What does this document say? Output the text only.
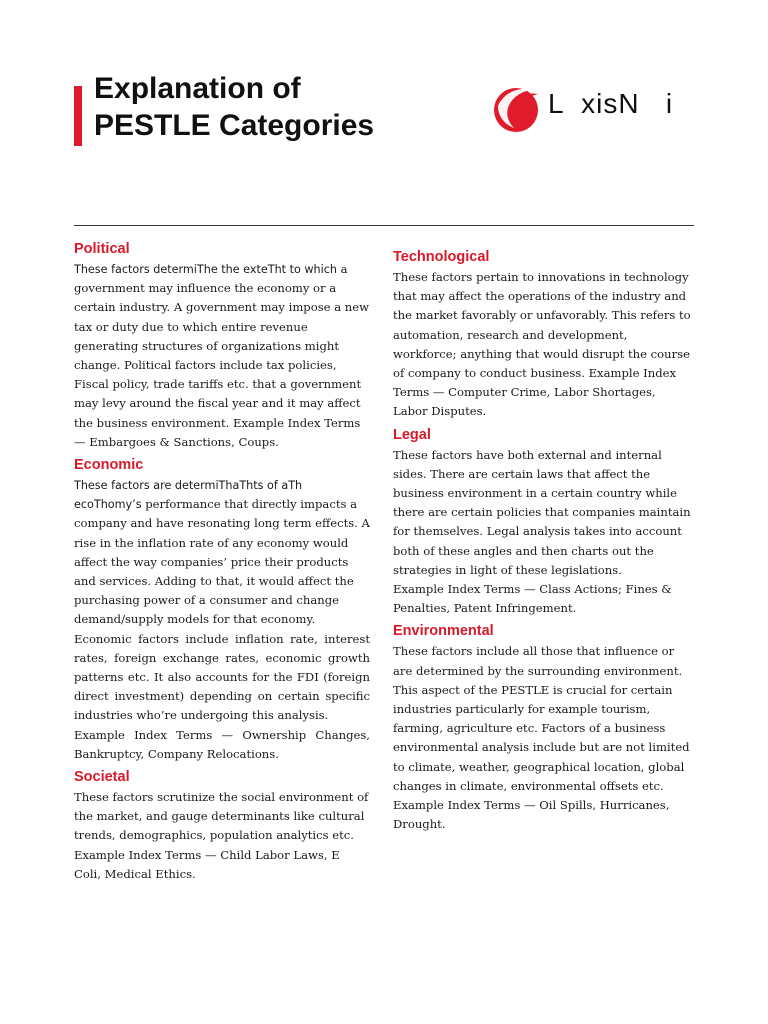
Explanation of
PESTLE Categories
L  xisN   i
Political

These factors determiThe the exteTht to which a government may influence the economy or a certain industry. A government may impose a new tax or duty due to which entire revenue generating structures of organizations might change. Political factors include tax policies, Fiscal policy, trade tariffs etc. that a government may levy around the fiscal year and it may affect the business environment. Example Index Terms — Embargoes & Sanctions, Coups.

Economic

These factors are determiThaThts of aTh ecoThomy’s performance that directly impacts a company and have resonating long term effects. A rise in the inflation rate of any economy would affect the way companies’ price their products and services. Adding to that, it would affect the purchasing power of a consumer and change demand/supply models for that economy.

Economic factors include inflation rate, interest rates, foreign exchange rates, economic growth patterns etc. It also accounts for the FDI (foreign direct investment) depending on certain specific industries who’re undergoing this analysis.

Example Index Terms — Ownership Changes, Bankruptcy, Company Relocations.

Societal

These factors scrutinize the social environment of the market, and gauge determinants like cultural trends, demographics, population analytics etc. Example Index Terms — Child Labor Laws, E Coli, Medical Ethics.

Technological

These factors pertain to innovations in technology that may affect the operations of the industry and the market favorably or unfavorably. This refers to automation, research and development, workforce; anything that would disrupt the course of company to conduct business. Example Index Terms — Computer Crime, Labor Shortages, Labor Disputes.

Legal

These factors have both external and internal sides. There are certain laws that affect the business environment in a certain country while there are certain policies that companies maintain for themselves. Legal analysis takes into account both of these angles and then charts out the strategies in light of these legislations.

Example Index Terms — Class Actions; Fines & Penalties, Patent Infringement.

Environmental

These factors include all those that influence or are determined by the surrounding environment. This aspect of the PESTLE is crucial for certain industries particularly for example tourism, farming, agriculture etc. Factors of a business environmental analysis include but are not limited to climate, weather, geographical location, global changes in climate, environmental offsets etc. Example Index Terms — Oil Spills, Hurricanes, Drought.
